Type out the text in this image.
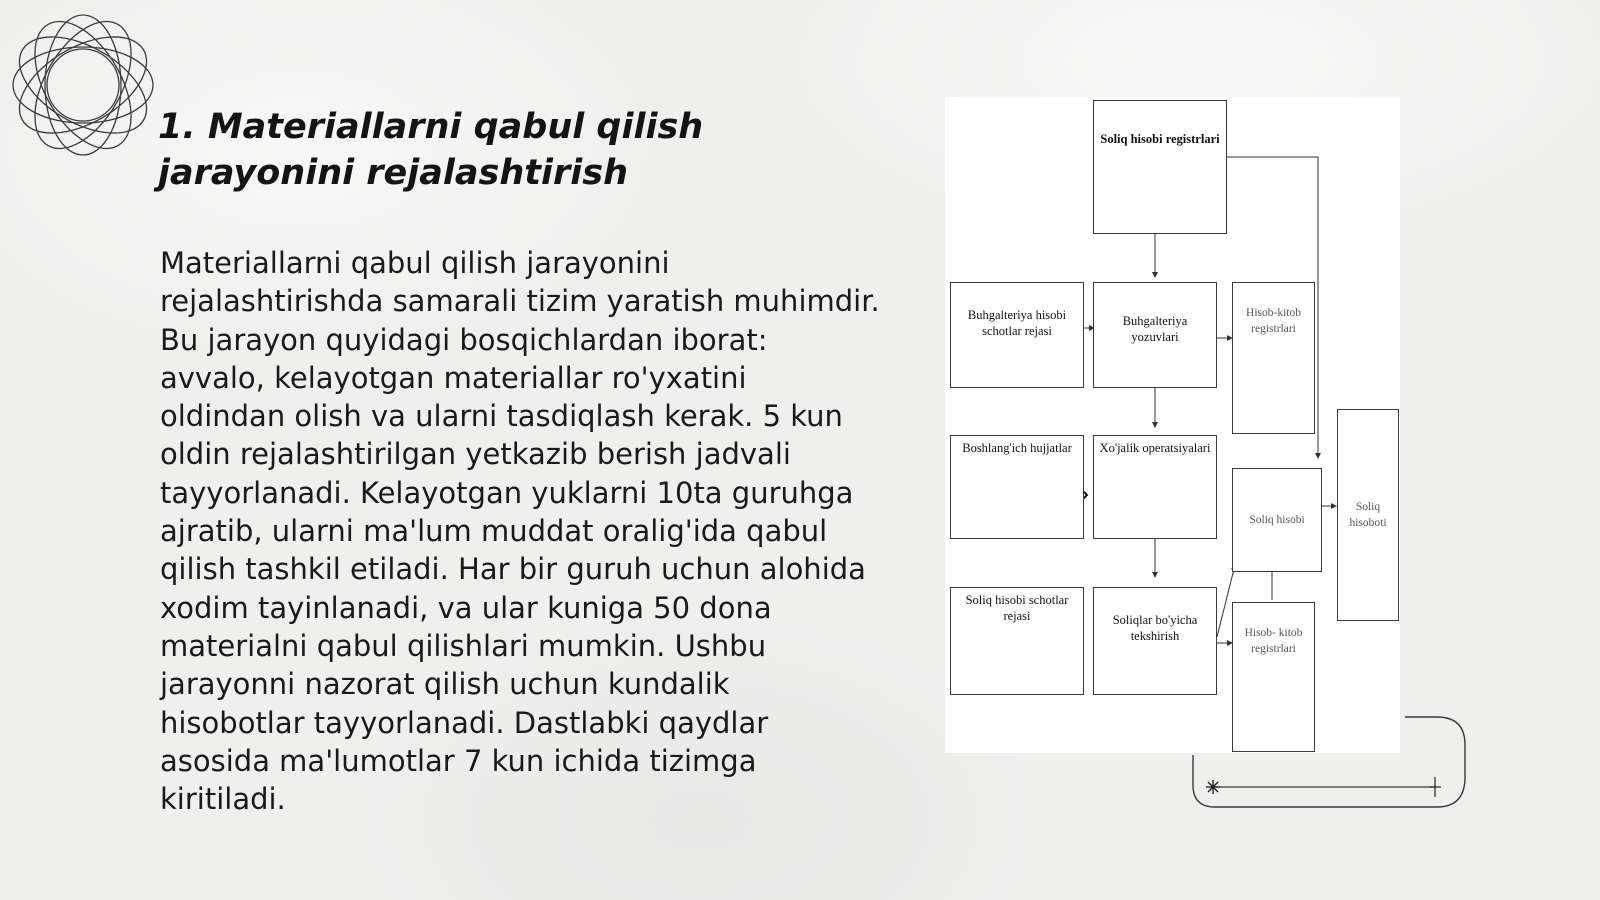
1. Materiallarni qabul qilish jarayonini rejalashtirish

Materiallarni qabul qilish jarayonini rejalashtirishda samarali tizim yaratish muhimdir. Bu jarayon quyidagi bosqichlardan iborat: avvalo, kelayotgan materiallar ro'yxatini oldindan olish va ularni tasdiqlash kerak. 5 kun oldin rejalashtirilgan yetkazib berish jadvali tayyorlanadi. Kelayotgan yuklarni 10ta guruhga ajratib, ularni ma'lum muddat oralig'ida qabul qilish tashkil etiladi. Har bir guruh uchun alohida xodim tayinlanadi, va ular kuniga 50 dona materialni qabul qilishlari mumkin. Ushbu jarayonni nazorat qilish uchun kundalik hisobotlar tayyorlanadi. Dastlabki qaydlar asosida ma'lumotlar 7 kun ichida tizimga kiritiladi.

Soliq hisobi registrlari
Buhgalteriya hisobi schotlar rejasi
Buhgalteriya yozuvlari
Hisob-kitob registrlari
Boshlang'ich hujjatlar	Xo'jalik operatsiyalari
Soliq hisobi
Soliq hisoboti
Soliq hisobi schotlar rejasi	Soliqlar bo'yicha tekshirish	Hisob- kitob registrlari
